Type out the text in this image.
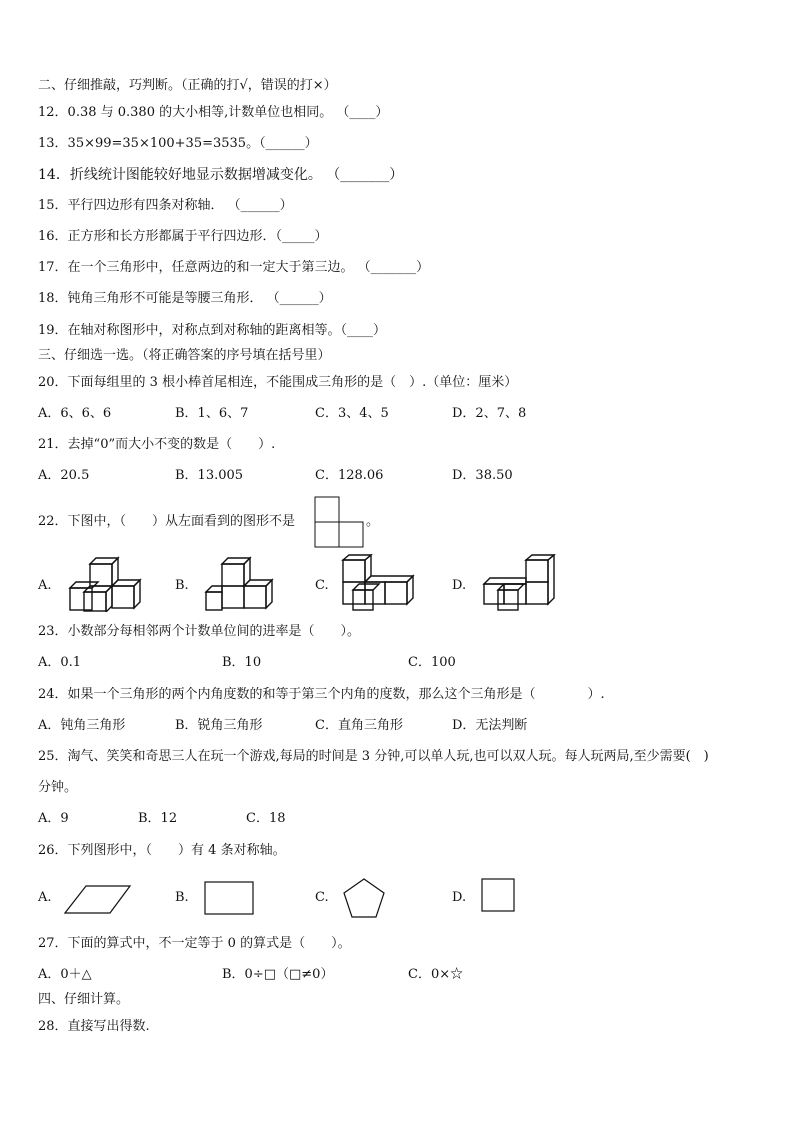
二、仔细推敲，巧判断。（正确的打√，错误的打×）
12．0.38 与 0.380 的大小相等,计数单位也相同。 （____）
13．35×99=35×100+35=3535。（______）
14．折线统计图能较好地显示数据增减变化。 （_______）
15．平行四边形有四条对称轴． （______）
16．正方形和长方形都属于平行四边形．（_____）
17．在一个三角形中，任意两边的和一定大于第三边。 （_______）
18．钝角三角形不可能是等腰三角形． （______）
19．在轴对称图形中，对称点到对称轴的距离相等。（____）
三、仔细选一选。（将正确答案的序号填在括号里）
20．下面每组里的 3 根小棒首尾相连，不能围成三角形的是（　）.（单位：厘米）
A．6、6、6	B．1、6、7	C．3、4、5	D．2、7、8
21．去掉“0”而大小不变的数是（　　）.
A．20.5	B．13.005	C．128.06	D．38.50
22．下图中，（　　）从左面看到的图形不是	。
A.	B.	C.	D.
23．小数部分每相邻两个计数单位间的进率是（　　）。
A．0.1	B．10	C．100
24．如果一个三角形的两个内角度数的和等于第三个内角的度数，那么这个三角形是（　　　　）.
A．钝角三角形	B．锐角三角形	C．直角三角形	D．无法判断
25．淘气、笑笑和奇思三人在玩一个游戏,每局的时间是 3 分钟,可以单人玩,也可以双人玩。每人玩两局,至少需要(　)
分钟。
A．9	B．12	C．18
26．下列图形中，（　　）有 4 条对称轴。
A.	B.	C.	D.
27．下面的算式中，不一定等于 0 的算式是（　　）。
A．0＋△	B．0÷□（□≠0）	C．0×☆
四、仔细计算。
28．直接写出得数.
